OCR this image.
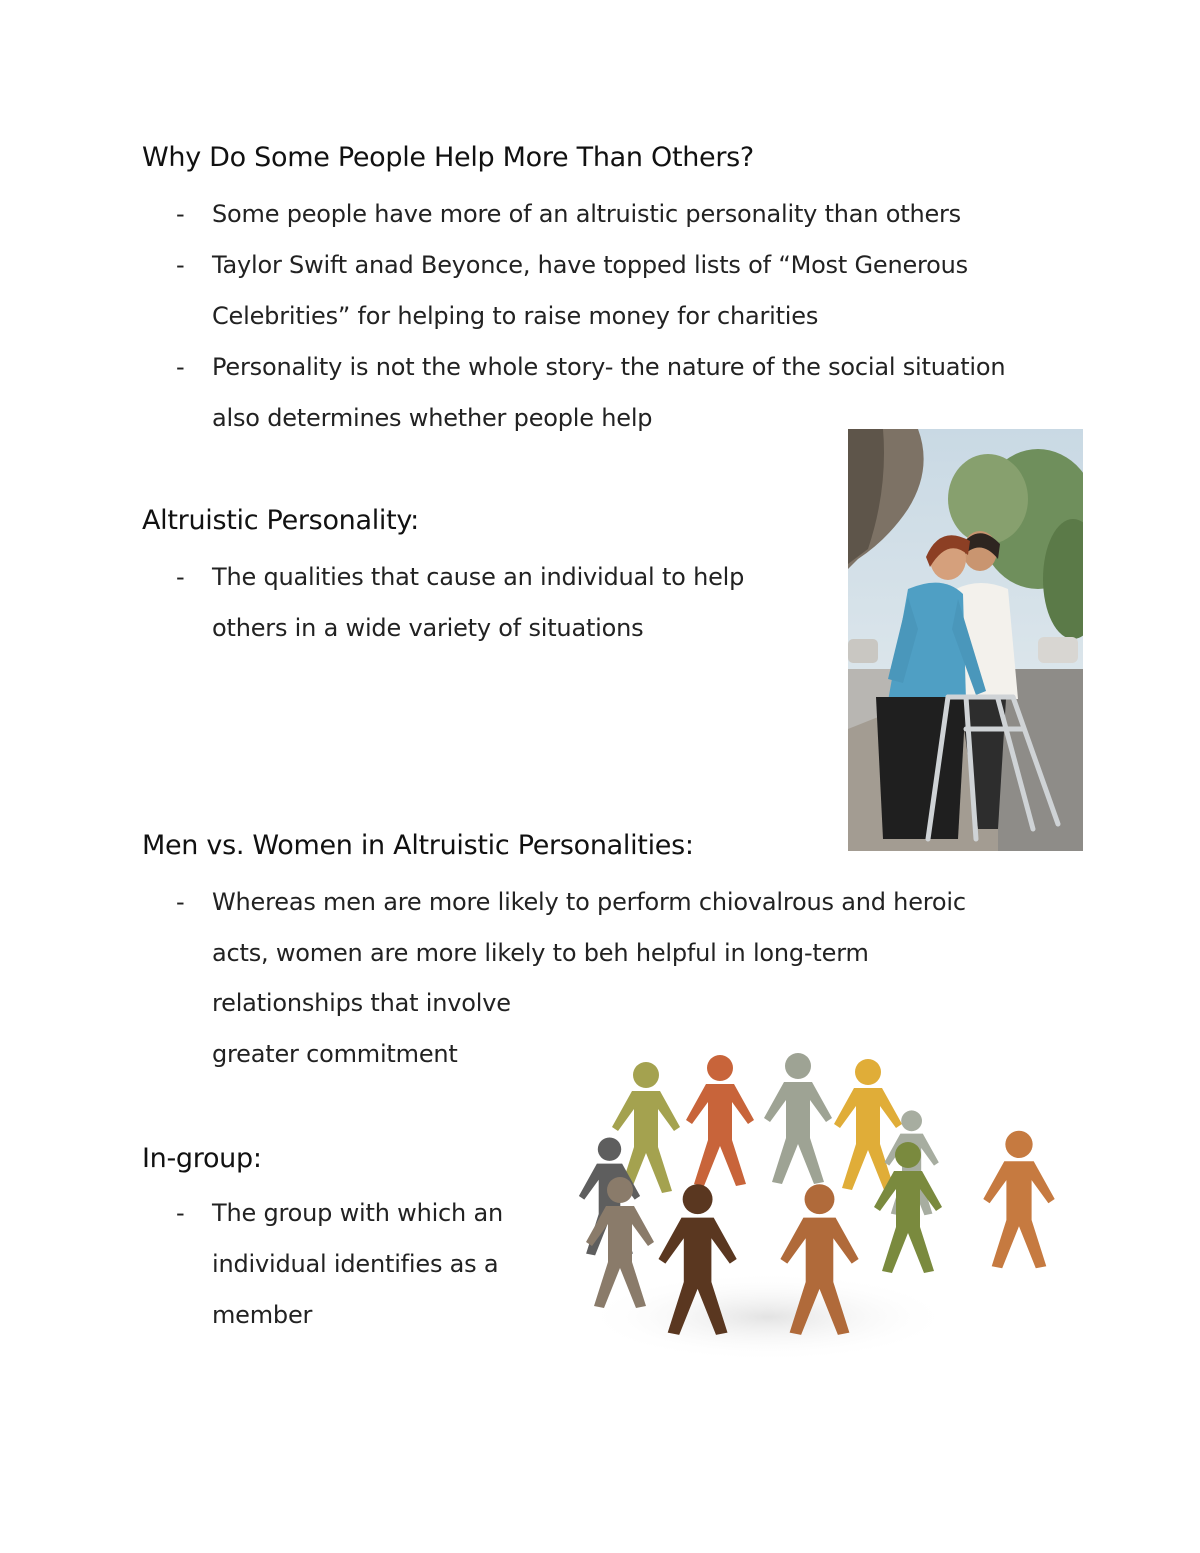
Why Do Some People Help More Than Others?

- Some people have more of an altruistic personality than others

- Taylor Swift anad Beyonce, have topped lists of “Most Generous

Celebrities” for helping to raise money for charities

- Personality is not the whole story- the nature of the social situation

also determines whether people help

Altruistic Personality:

- The qualities that cause an individual to help

others in a wide variety of situations

Men vs. Women in Altruistic Personalities:

- Whereas men are more likely to perform chiovalrous and heroic

acts, women are more likely to beh helpful in long-term

relationships that involve

greater commitment

In-group:

- The group with which an

individual identifies as a

member
